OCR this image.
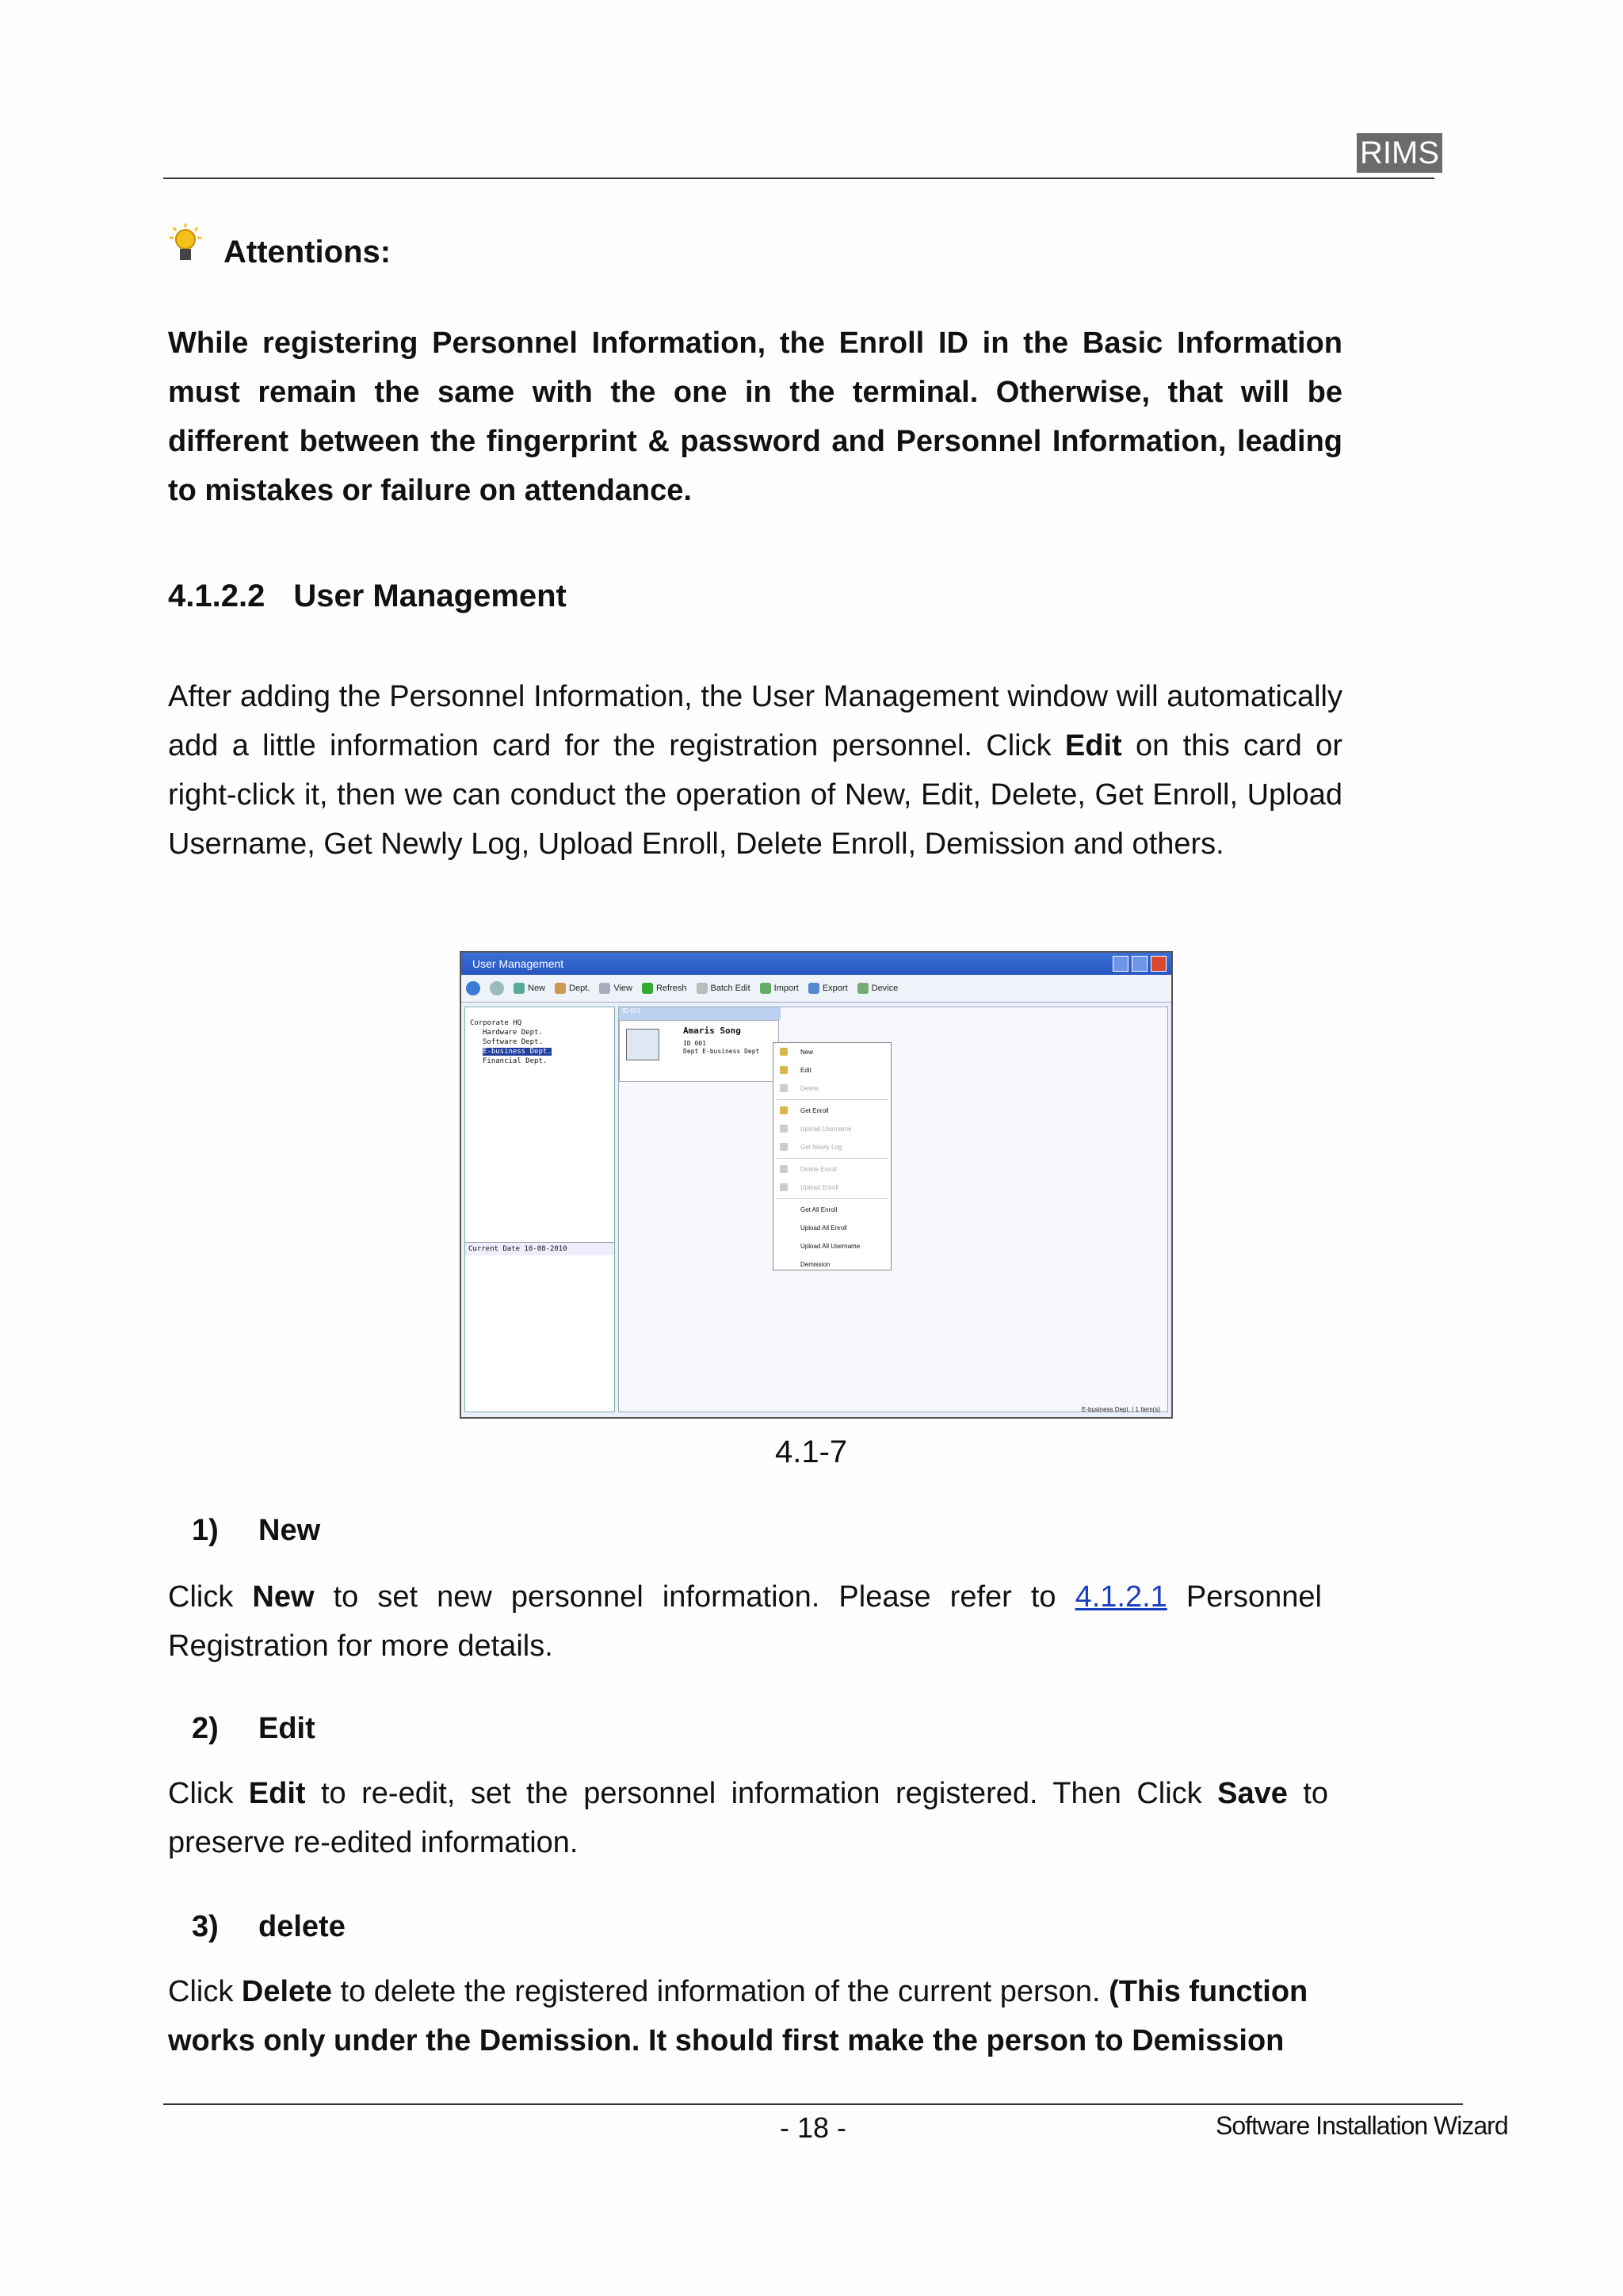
RIMS
Attentions:
While registering Personnel Information, the Enroll ID in the Basic Information must remain the same with the one in the terminal. Otherwise, that will be different between the fingerprint & password and Personnel Information, leading to mistakes or failure on attendance.
4.1.2.2 User Management
After adding the Personnel Information, the User Management window will automatically add a little information card for the registration personnel. Click Edit on this card or right-click it, then we can conduct the operation of New, Edit, Delete, Get Enroll, Upload Username, Get Newly Log, Upload Enroll, Delete Enroll, Demission and others.
User Management
New	Dept.	View	Refresh	Batch Edit	Import	Export	Device
Corporate HQ
Hardware Dept.
Software Dept.
E-business Dept.
Financial Dept.
Current Date 10-08-2010
ID 001
Amaris Song
ID 001
Dept E-business Dept	New
Edit
Delete
Get Enroll
Upload Username
Get Newly Log
Delete Enroll
Upload Enroll
Get All Enroll
Upload All Enroll
Upload All Username
Demission
E-business Dept. | 1 Item(s)
4.1-7
1) New
Click New to set new personnel information. Please refer to 4.1.2.1 Personnel Registration for more details.
2) Edit
Click Edit to re-edit, set the personnel information registered. Then Click Save to preserve re-edited information.
3) delete
Click Delete to delete the registered information of the current person. (This function works only under the Demission. It should first make the person to Demission
- 18 -	Software Installation Wizard
